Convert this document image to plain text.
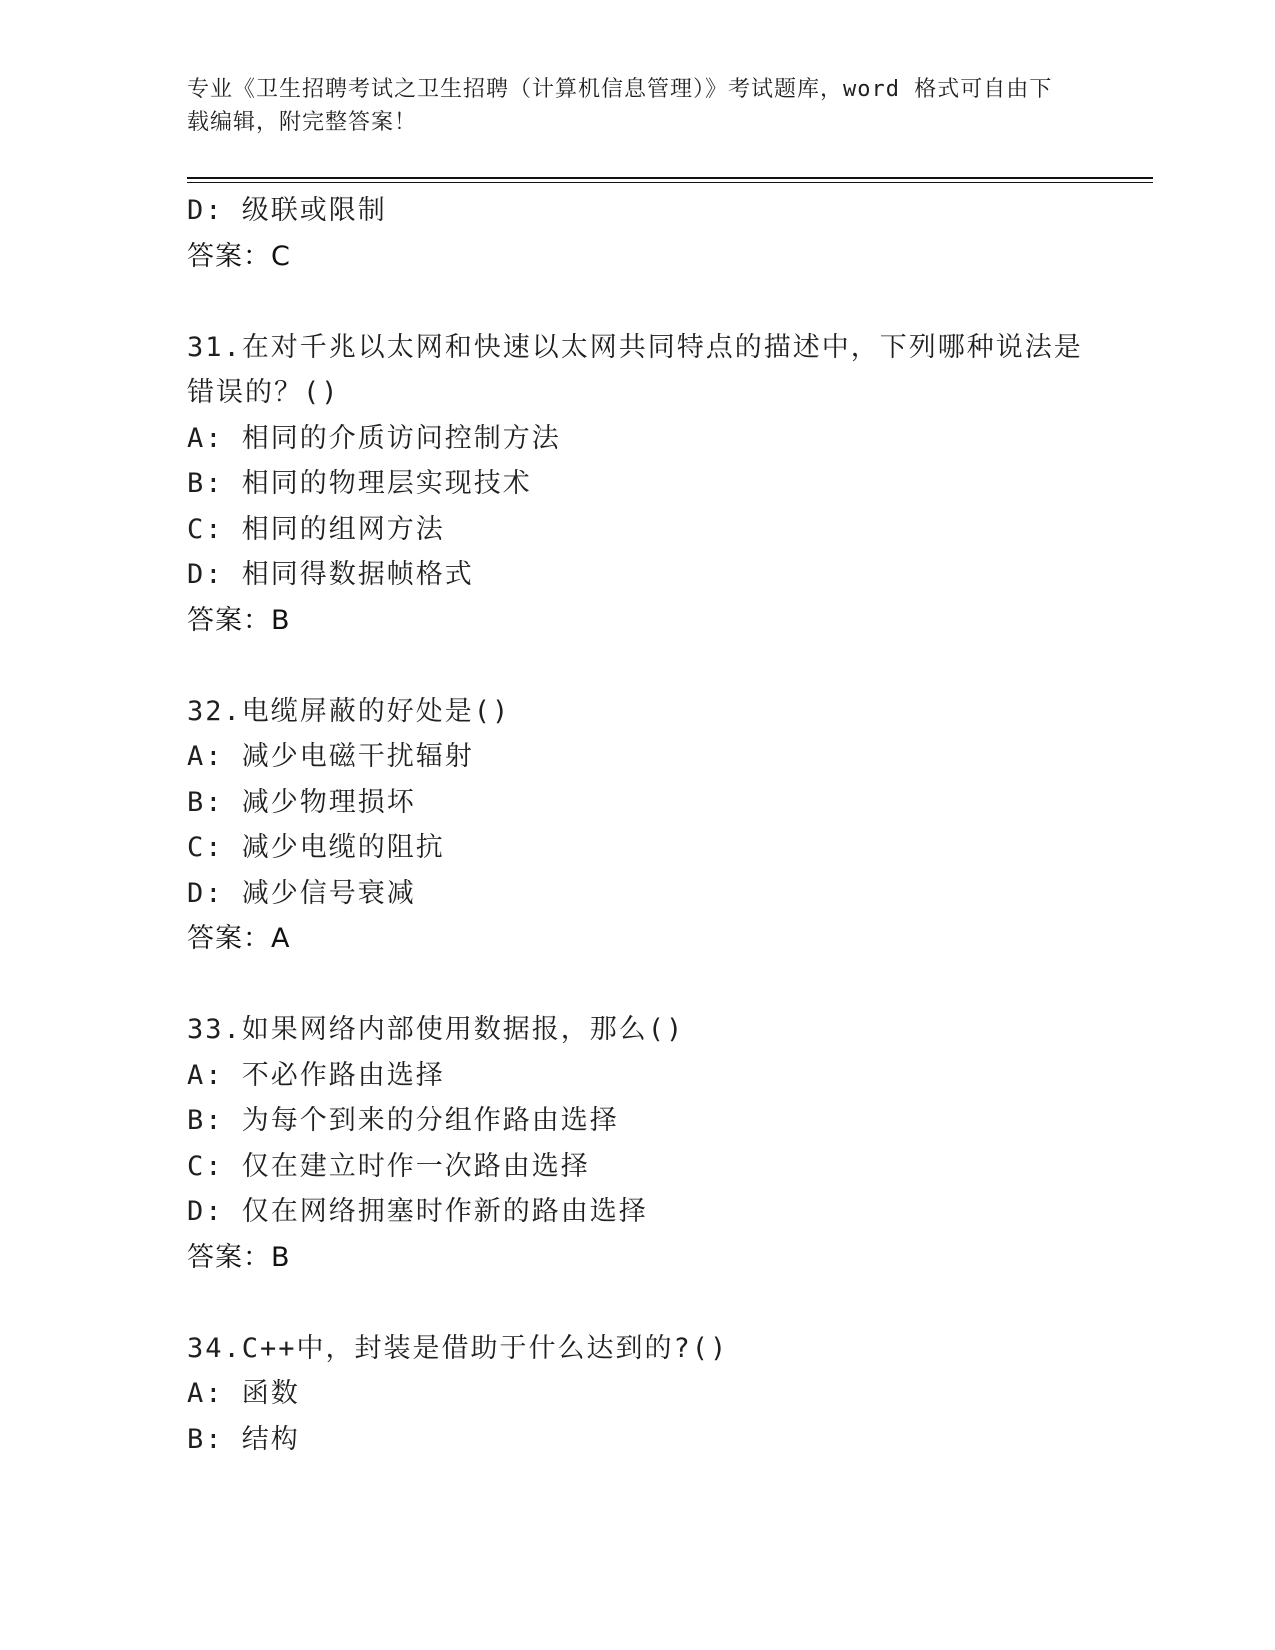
专业《卫生招聘考试之卫生招聘（计算机信息管理）》考试题库，word 格式可自由下载编辑，附完整答案！
D: 级联或限制
答案：C
31.在对千兆以太网和快速以太网共同特点的描述中，下列哪种说法是错误的？()
A: 相同的介质访问控制方法
B: 相同的物理层实现技术
C: 相同的组网方法
D: 相同得数据帧格式
答案：B
32.电缆屏蔽的好处是()
A: 减少电磁干扰辐射
B: 减少物理损坏
C: 减少电缆的阻抗
D: 减少信号衰减
答案：A
33.如果网络内部使用数据报，那么()
A: 不必作路由选择
B: 为每个到来的分组作路由选择
C: 仅在建立时作一次路由选择
D: 仅在网络拥塞时作新的路由选择
答案：B
34.C++中，封装是借助于什么达到的?()
A: 函数
B: 结构
